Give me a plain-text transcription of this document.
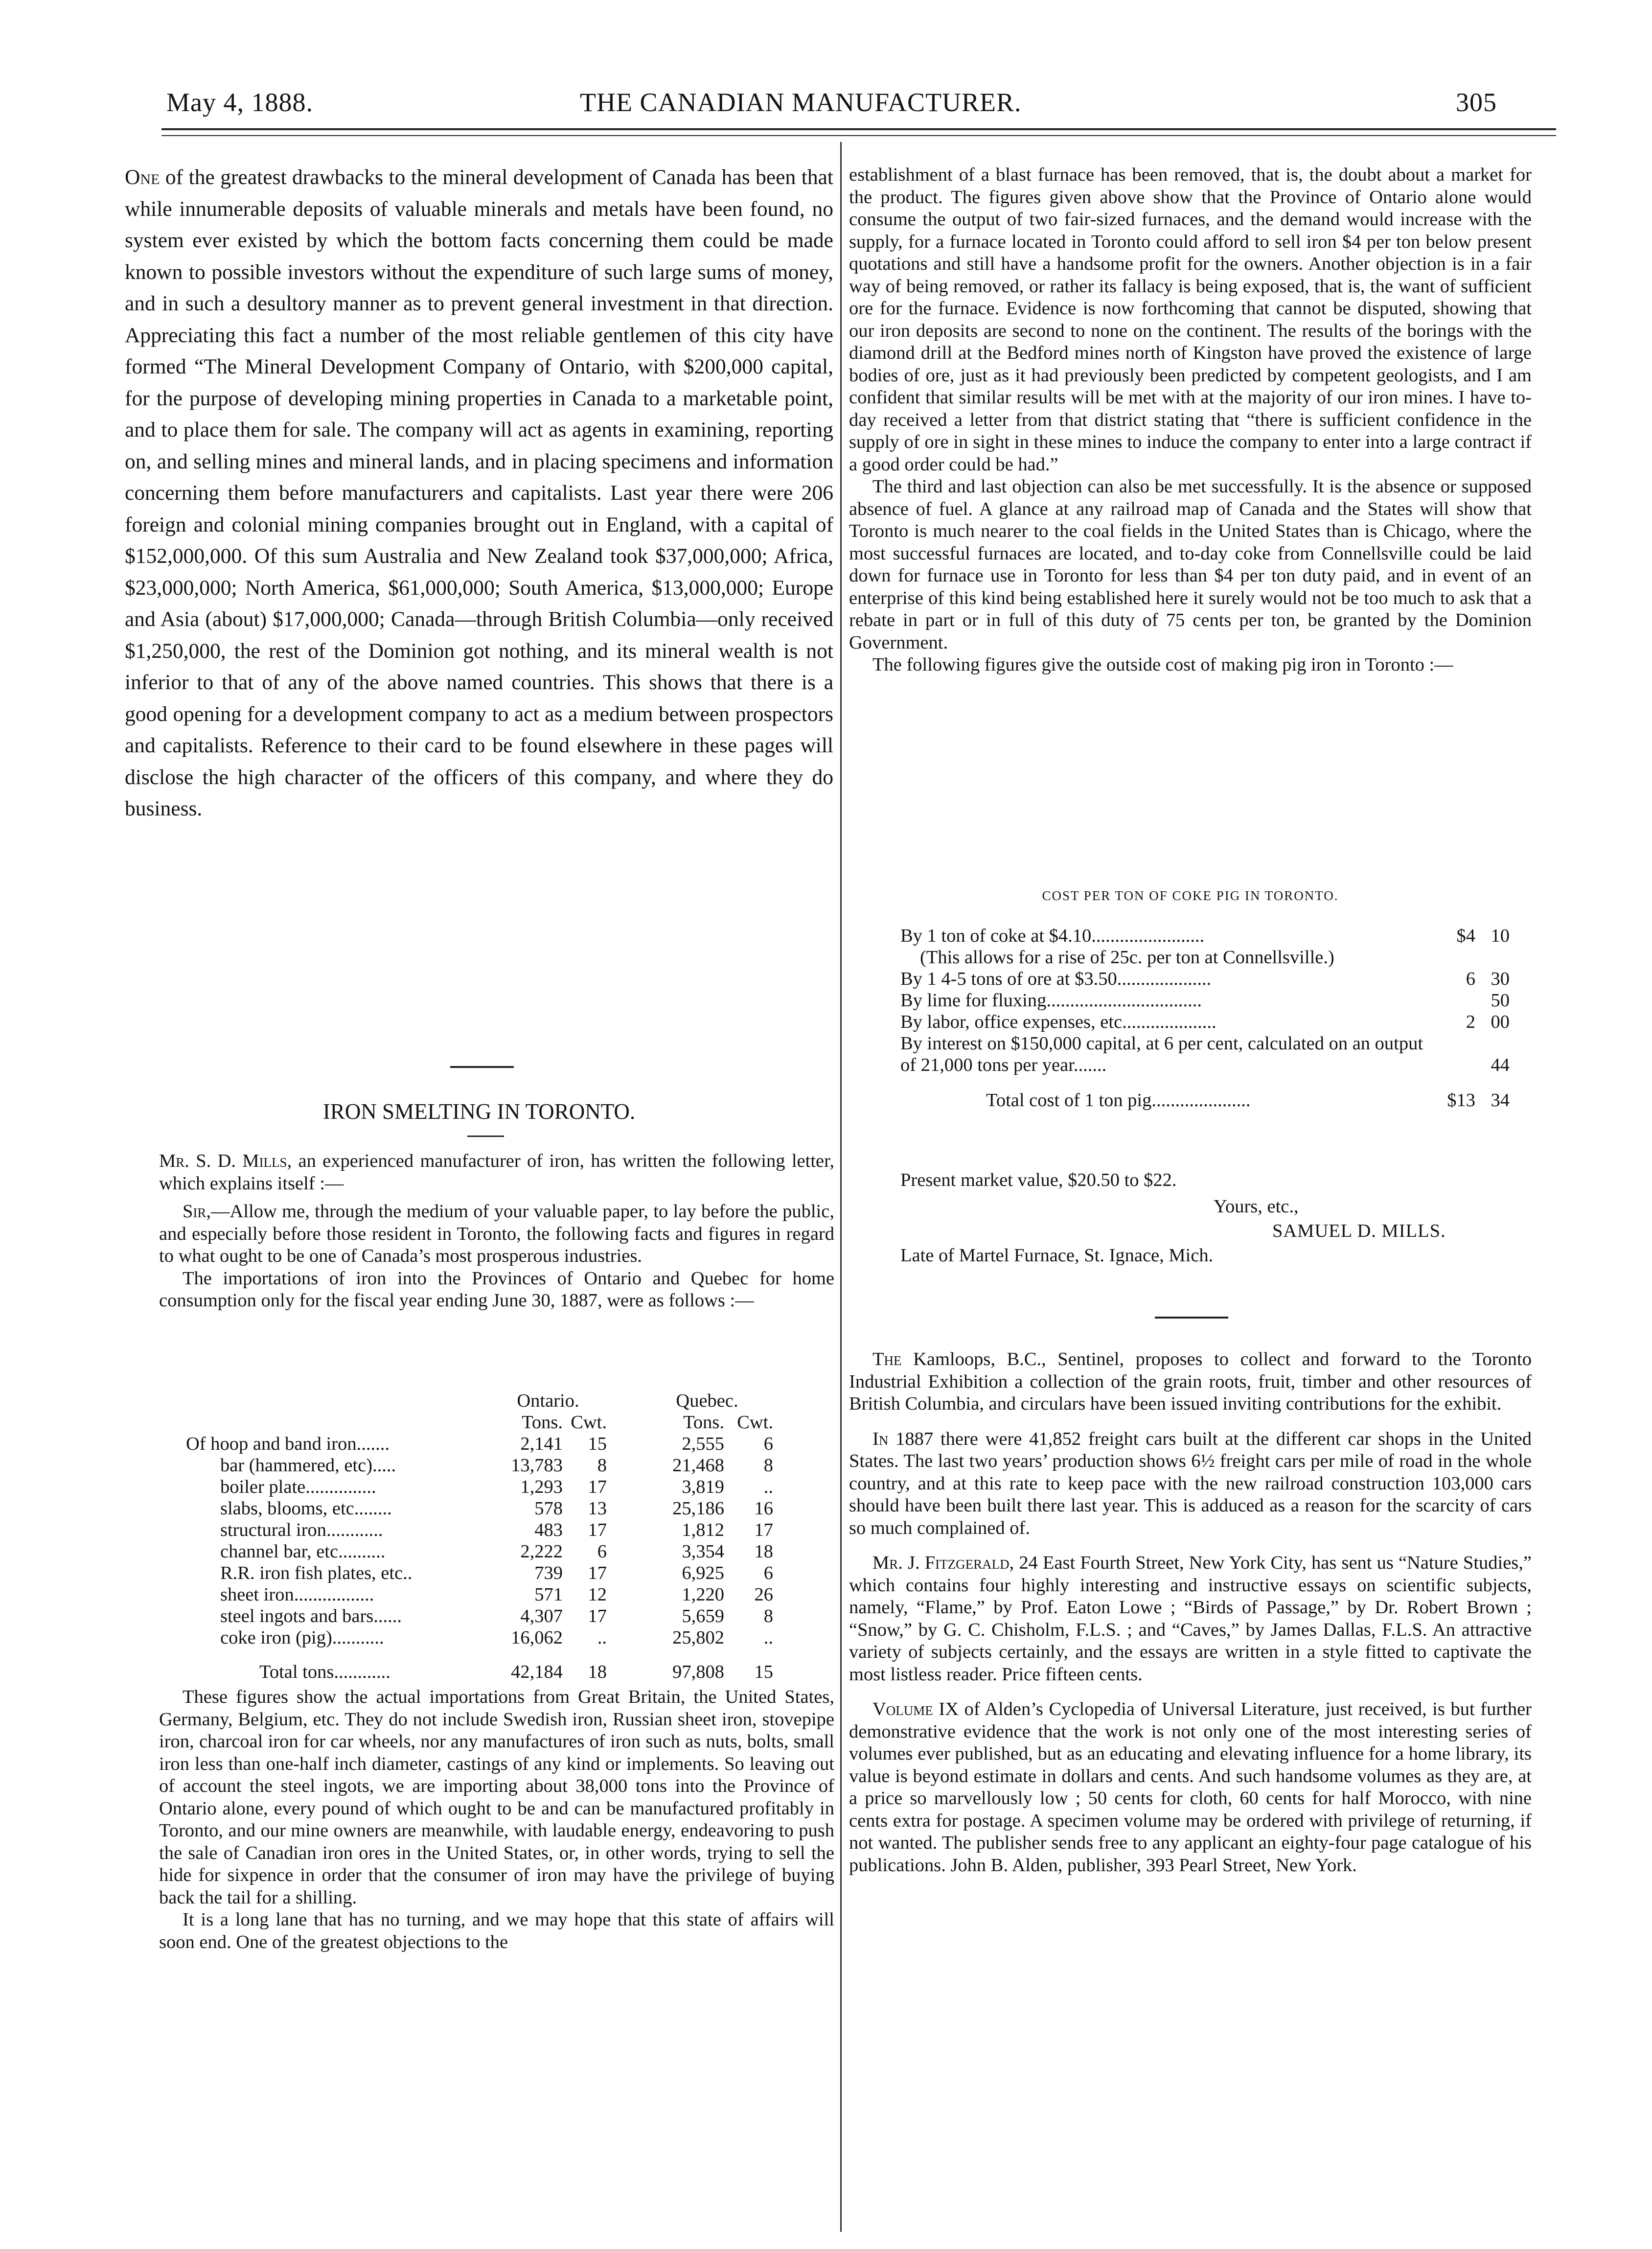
May 4, 1888.	THE CANADIAN MANUFACTURER.	305

One of the greatest drawbacks to the mineral development of Canada has been that while innumerable deposits of valuable minerals and metals have been found, no system ever existed by which the bottom facts concerning them could be made known to possible investors without the expenditure of such large sums of money, and in such a desultory manner as to prevent general investment in that direction. Appreciating this fact a number of the most reliable gentlemen of this city have formed “The Mineral Development Company of Ontario, with $200,000 capital, for the purpose of developing mining properties in Canada to a marketable point, and to place them for sale. The company will act as agents in examining, reporting on, and selling mines and mineral lands, and in placing specimens and information concerning them before manufacturers and capitalists. Last year there were 206 foreign and colonial mining companies brought out in England, with a capital of $152,000,000. Of this sum Australia and New Zealand took $37,000,000; Africa, $23,000,000; North America, $61,000,000; South America, $13,000,000; Europe and Asia (about) $17,000,000; Canada—through British Columbia—only received $1,250,000, the rest of the Dominion got nothing, and its mineral wealth is not inferior to that of any of the above named countries. This shows that there is a good opening for a development company to act as a medium between prospectors and capitalists. Reference to their card to be found elsewhere in these pages will disclose the high character of the officers of this company, and where they do business.

IRON SMELTING IN TORONTO.

Mr. S. D. Mills, an experienced manufacturer of iron, has written the following letter, which explains itself :—

Sir,—Allow me, through the medium of your valuable paper, to lay before the public, and especially before those resident in Toronto, the following facts and figures in regard to what ought to be one of Canada’s most prosperous industries.

The importations of iron into the Provinces of Ontario and Quebec for home consumption only for the fiscal year ending June 30, 1887, were as follows :—

	Ontario.			Quebec.	
	Tons.	Cwt.		Tons.	Cwt.
Of hoop and band iron.......	2,141	15		2,555	6
bar (hammered, etc).....	13,783	8		21,468	8
boiler plate...............	1,293	17		3,819	..
slabs, blooms, etc........	578	13		25,186	16
structural iron............	483	17		1,812	17
channel bar, etc..........	2,222	6		3,354	18
R.R. iron fish plates, etc..	739	17		6,925	6
sheet iron.................	571	12		1,220	26
steel ingots and bars......	4,307	17		5,659	8
coke iron (pig)...........	16,062	..		25,802	..

Total tons............	42,184	18		97,808	15

These figures show the actual importations from Great Britain, the United States, Germany, Belgium, etc. They do not include Swedish iron, Russian sheet iron, stovepipe iron, charcoal iron for car wheels, nor any manufactures of iron such as nuts, bolts, small iron less than one-half inch diameter, castings of any kind or implements. So leaving out of account the steel ingots, we are importing about 38,000 tons into the Province of Ontario alone, every pound of which ought to be and can be manufactured profitably in Toronto, and our mine owners are meanwhile, with laudable energy, endeavoring to push the sale of Canadian iron ores in the United States, or, in other words, trying to sell the hide for sixpence in order that the consumer of iron may have the privilege of buying back the tail for a shilling.

It is a long lane that has no turning, and we may hope that this state of affairs will soon end. One of the greatest objections to the

establishment of a blast furnace has been removed, that is, the doubt about a market for the product. The figures given above show that the Province of Ontario alone would consume the output of two fair-sized furnaces, and the demand would increase with the supply, for a furnace located in Toronto could afford to sell iron $4 per ton below present quotations and still have a handsome profit for the owners. Another objection is in a fair way of being removed, or rather its fallacy is being exposed, that is, the want of sufficient ore for the furnace. Evidence is now forthcoming that cannot be disputed, showing that our iron deposits are second to none on the continent. The results of the borings with the diamond drill at the Bedford mines north of Kingston have proved the existence of large bodies of ore, just as it had previously been predicted by competent geologists, and I am confident that similar results will be met with at the majority of our iron mines. I have to-day received a letter from that district stating that “there is sufficient confidence in the supply of ore in sight in these mines to induce the company to enter into a large contract if a good order could be had.”

The third and last objection can also be met successfully. It is the absence or supposed absence of fuel. A glance at any railroad map of Canada and the States will show that Toronto is much nearer to the coal fields in the United States than is Chicago, where the most successful furnaces are located, and to-day coke from Connellsville could be laid down for furnace use in Toronto for less than $4 per ton duty paid, and in event of an enterprise of this kind being established here it surely would not be too much to ask that a rebate in part or in full of this duty of 75 cents per ton, be granted by the Dominion Government.

The following figures give the outside cost of making pig iron in Toronto :—

COST PER TON OF COKE PIG IN TORONTO.
By 1 ton of coke at $4.10........................	$4	10
(This allows for a rise of 25c. per ton at Connellsville.)		
By 1 4-5 tons of ore at $3.50....................	6	30
By lime for fluxing.................................		50
By labor, office expenses, etc....................	2	00
By interest on $150,000 capital, at 6 per cent, calculated on an output of 21,000 tons per year.......		44

Total cost of 1 ton pig.....................	$13	34
Present market value, $20.50 to $22.
Yours, etc.,
SAMUEL D. MILLS.
Late of Martel Furnace, St. Ignace, Mich.

The Kamloops, B.C., Sentinel, proposes to collect and forward to the Toronto Industrial Exhibition a collection of the grain roots, fruit, timber and other resources of British Columbia, and circulars have been issued inviting contributions for the exhibit.

In 1887 there were 41,852 freight cars built at the different car shops in the United States. The last two years’ production shows 6½ freight cars per mile of road in the whole country, and at this rate to keep pace with the new railroad construction 103,000 cars should have been built there last year. This is adduced as a reason for the scarcity of cars so much complained of.

Mr. J. Fitzgerald, 24 East Fourth Street, New York City, has sent us “Nature Studies,” which contains four highly interesting and instructive essays on scientific subjects, namely, “Flame,” by Prof. Eaton Lowe ; “Birds of Passage,” by Dr. Robert Brown ; “Snow,” by G. C. Chisholm, F.L.S. ; and “Caves,” by James Dallas, F.L.S. An attractive variety of subjects certainly, and the essays are written in a style fitted to captivate the most listless reader. Price fifteen cents.

Volume IX of Alden’s Cyclopedia of Universal Literature, just received, is but further demonstrative evidence that the work is not only one of the most interesting series of volumes ever published, but as an educating and elevating influence for a home library, its value is beyond estimate in dollars and cents. And such handsome volumes as they are, at a price so marvellously low ; 50 cents for cloth, 60 cents for half Morocco, with nine cents extra for postage. A specimen volume may be ordered with privilege of returning, if not wanted. The publisher sends free to any applicant an eighty-four page catalogue of his publications. John B. Alden, publisher, 393 Pearl Street, New York.
